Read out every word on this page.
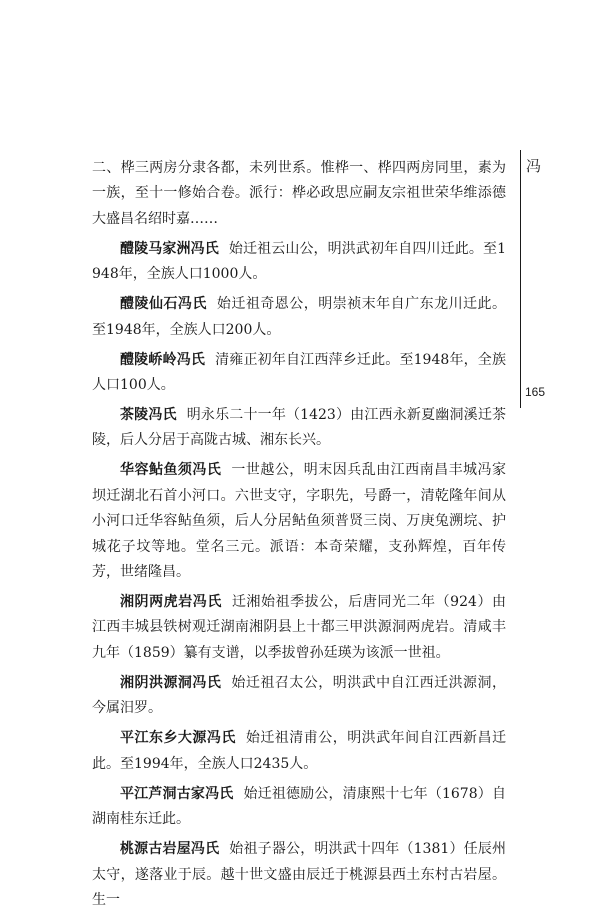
冯
165

二、桦三两房分隶各都，未列世系。惟桦一、桦四两房同里，素为一族，至十一修始合卷。派行：桦必政思应嗣友宗祖世荣华维添德大盛昌名绍时嘉……

醴陵马家洲冯氏 始迁祖云山公，明洪武初年自四川迁此。至1948年，全族人口1000人。

醴陵仙石冯氏 始迁祖奇恩公，明崇祯末年自广东龙川迁此。至1948年，全族人口200人。

醴陵峤岭冯氏 清雍正初年自江西萍乡迁此。至1948年，全族人口100人。

茶陵冯氏 明永乐二十一年（1423）由江西永新夏幽洞溪迁茶陵，后人分居于高陇古城、湘东长兴。

华容鲇鱼须冯氏 一世越公，明末因兵乱由江西南昌丰城冯家坝迁湖北石首小河口。六世支守，字职先，号爵一，清乾隆年间从小河口迁华容鲇鱼须，后人分居鲇鱼须普贤三岗、万庚兔溯垸、护城花子坟等地。堂名三元。派语：本奇荣耀，支孙辉煌，百年传芳，世绪隆昌。

湘阴两虎岩冯氏 迁湘始祖季拔公，后唐同光二年（924）由江西丰城县铁树观迁湖南湘阴县上十都三甲洪源洞两虎岩。清咸丰九年（1859）纂有支谱，以季拔曾孙廷瑛为该派一世祖。

湘阴洪源洞冯氏 始迁祖召太公，明洪武中自江西迁洪源洞，今属汨罗。

平江东乡大源冯氏 始迁祖清甫公，明洪武年间自江西新昌迁此。至1994年，全族人口2435人。

平江芦洞古家冯氏 始迁祖德励公，清康熙十七年（1678）自湖南桂东迁此。

桃源古岩屋冯氏 始祖子器公，明洪武十四年（1381）任辰州太守，遂落业于辰。越十世文盛由辰迁于桃源县西土东村古岩屋。生一
